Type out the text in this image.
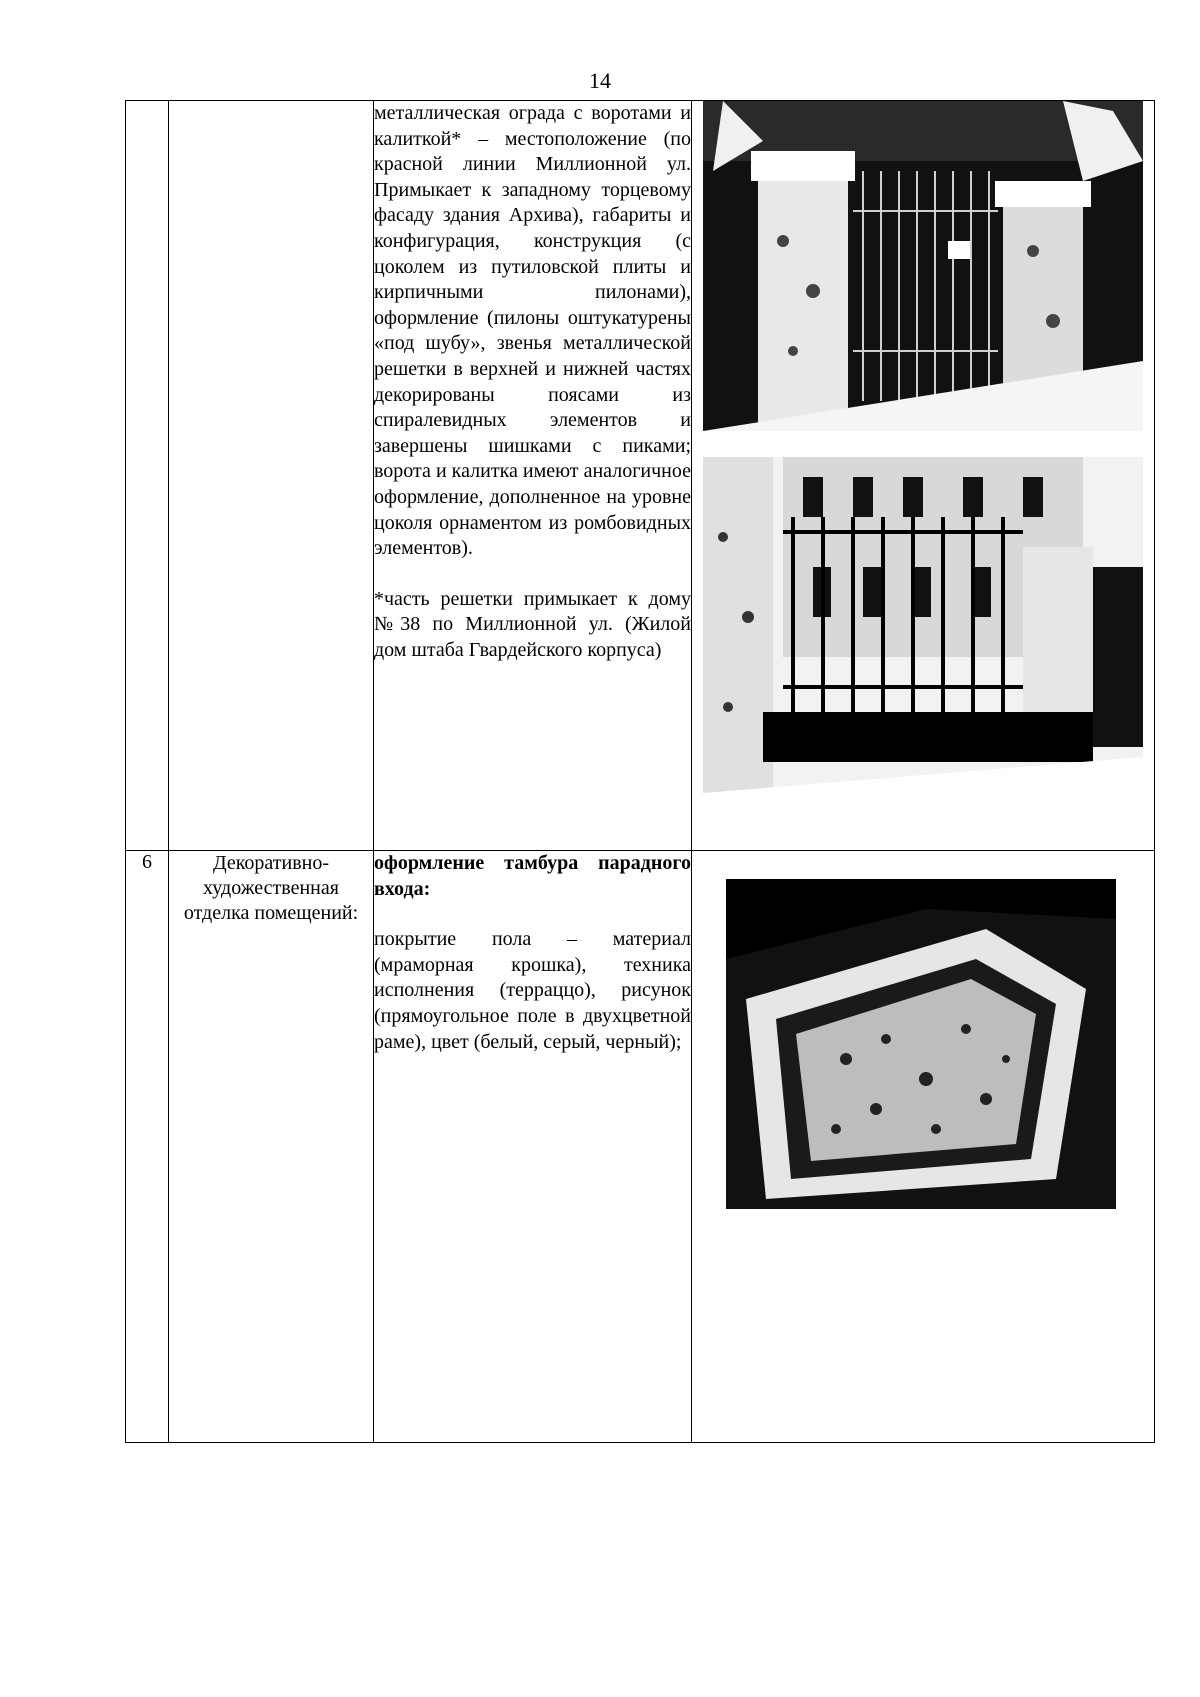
14

		металлическая ограда с воротами и калиткой* – местоположение (по красной линии Миллионной ул. Примыкает к западному торцевому фасаду здания Архива), габариты и конфигурация, конструкция (с цоколем из путиловской плиты и кирпичными пилонами), оформление (пилоны оштукатурены «под шубу», звенья металлической решетки в верхней и нижней частях декорированы поясами из спиралевидных элементов и завершены шишками с пиками; ворота и калитка имеют аналогичное оформление, дополненное на уровне цоколя орнаментом из ромбовидных элементов).

*часть решетки примыкает к дому №38 по Миллионной ул. (Жилой дом штаба Гвардейского корпуса)

6	Декоративно-художественная отделка помещений:	оформление тамбура парадного входа:

покрытие пола – материал (мраморная крошка), техника исполнения (терраццо), рисунок (прямоугольное поле в двухцветной раме), цвет (белый, серый, черный);
